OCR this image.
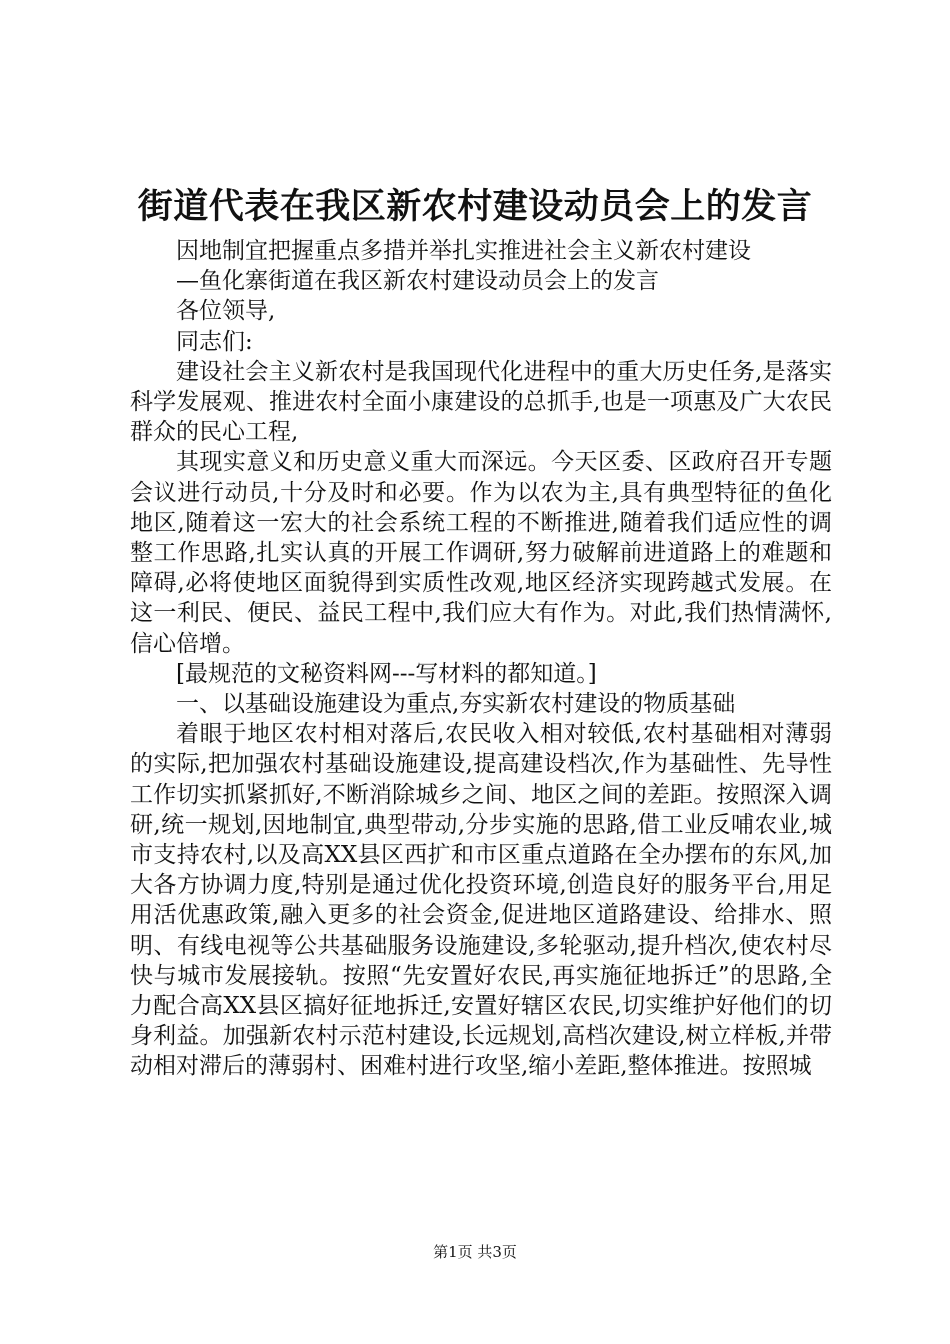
街道代表在我区新农村建设动员会上的发言

因地制宜把握重点多措并举扎实推进社会主义新农村建设

—鱼化寨街道在我区新农村建设动员会上的发言

各位领导,

同志们:

建设社会主义新农村是我国现代化进程中的重大历史任务,是落实科学发展观、推进农村全面小康建设的总抓手,也是一项惠及广大农民群众的民心工程,

其现实意义和历史意义重大而深远。今天区委、区政府召开专题会议进行动员,十分及时和必要。作为以农为主,具有典型特征的鱼化地区,随着这一宏大的社会系统工程的不断推进,随着我们适应性的调整工作思路,扎实认真的开展工作调研,努力破解前进道路上的难题和障碍,必将使地区面貌得到实质性改观,地区经济实现跨越式发展。在这一利民、便民、益民工程中,我们应大有作为。对此,我们热情满怀,信心倍增。

[最规范的文秘资料网---写材料的都知道。]

一、以基础设施建设为重点,夯实新农村建设的物质基础

着眼于地区农村相对落后,农民收入相对较低,农村基础相对薄弱的实际,把加强农村基础设施建设,提高建设档次,作为基础性、先导性工作切实抓紧抓好,不断消除城乡之间、地区之间的差距。按照深入调研,统一规划,因地制宜,典型带动,分步实施的思路,借工业反哺农业,城市支持农村,以及高XX县区西扩和市区重点道路在全办摆布的东风,加大各方协调力度,特别是通过优化投资环境,创造良好的服务平台,用足用活优惠政策,融入更多的社会资金,促进地区道路建设、给排水、照明、有线电视等公共基础服务设施建设,多轮驱动,提升档次,使农村尽快与城市发展接轨。按照“先安置好农民,再实施征地拆迁”的思路,全力配合高XX县区搞好征地拆迁,安置好辖区农民,切实维护好他们的切身利益。加强新农村示范村建设,长远规划,高档次建设,树立样板,并带动相对滞后的薄弱村、困难村进行攻坚,缩小差距,整体推进。按照城

第1页 共3页
